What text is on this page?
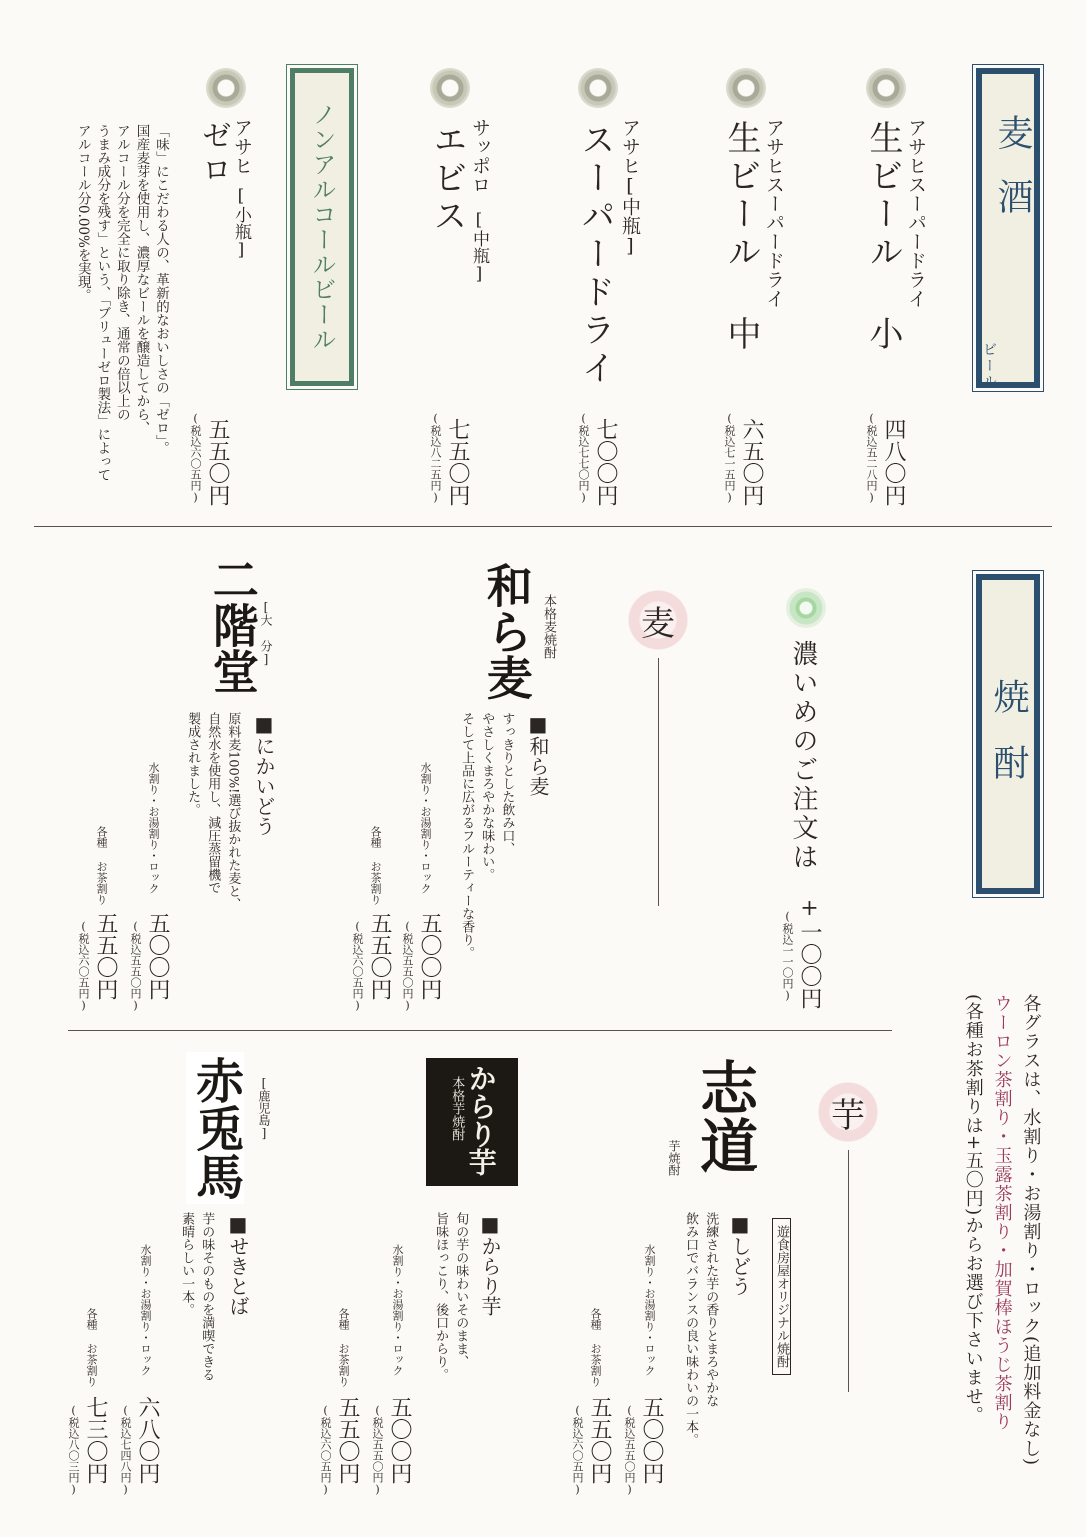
麦酒
ビール
アサヒスーパードライ
生ビール 小
四八〇円
(税込五二八円)
アサヒスーパードライ
生ビール 中
六五〇円
(税込七一五円)
アサヒ[中瓶]
スーパードライ
七〇〇円
(税込七七〇円)
サッポロ
[中瓶]
エビス
七五〇円
(税込八二五円)
ノンアルコールビール
アサヒ
[小瓶]
ゼロ
五五〇円
(税込六〇五円)
「味」にこだわる人の、革新的なおいしさの「ゼロ」。
国産麦芽を使用し、濃厚なビールを醸造してから、
アルコール分を完全に取り除き、通常の倍以上の
うまみ成分を残す」という、「ブリューゼロ製法」によって
アルコール分0.00%を実現。
焼酎
濃いめのご注文は
+一〇〇円
(税込一一〇円)
麦
和ら麦 本格麦焼酎
■和ら麦
すっきりとした飲み口、
やさしくまろやかな味わい。
そして上品に広がるフルーティーな香り。
水割り・お湯割り・ロック
五〇〇円
(税込五五〇円)
各種 お茶割り
五五〇円
(税込六〇五円)
二階堂 [大 分]
■にかいどう
原料麦100%!選び抜かれた麦と、
自然水を使用し、減圧蒸留機で
製成されました。
水割り・お湯割り・ロック
五〇〇円
(税込五五〇円)
各種 お茶割り
五五〇円
(税込六〇五円)
各グラスは、水割り・お湯割り・ロック(追加料金なし)
ウーロン茶割り・玉露茶割り・加賀棒ほうじ茶割り
(各種お茶割りは+五〇円)からお選び下さいませ。
芋
志道
芋焼酎
遊食房屋オリジナル焼酎
■しどう
洗練された芋の香りとまろやかな
飲み口でバランスの良い味わいの一本。
水割り・お湯割り・ロック
五〇〇円
(税込五五〇円)
各種 お茶割り
五五〇円
(税込六〇五円)
からり芋
本格芋焼酎
■からり芋
旬の芋の味わいそのまま、
旨味ほっこり、後口からり。
水割り・お湯割り・ロック
五〇〇円
(税込五五〇円)
各種 お茶割り
五五〇円
(税込六〇五円)
赤兎馬 [鹿児島]
■せきとば
芋の味そのものを満喫できる
素晴らしい一本。
水割り・お湯割り・ロック
六八〇円
(税込七四八円)
各種 お茶割り
七三〇円
(税込八〇三円)
